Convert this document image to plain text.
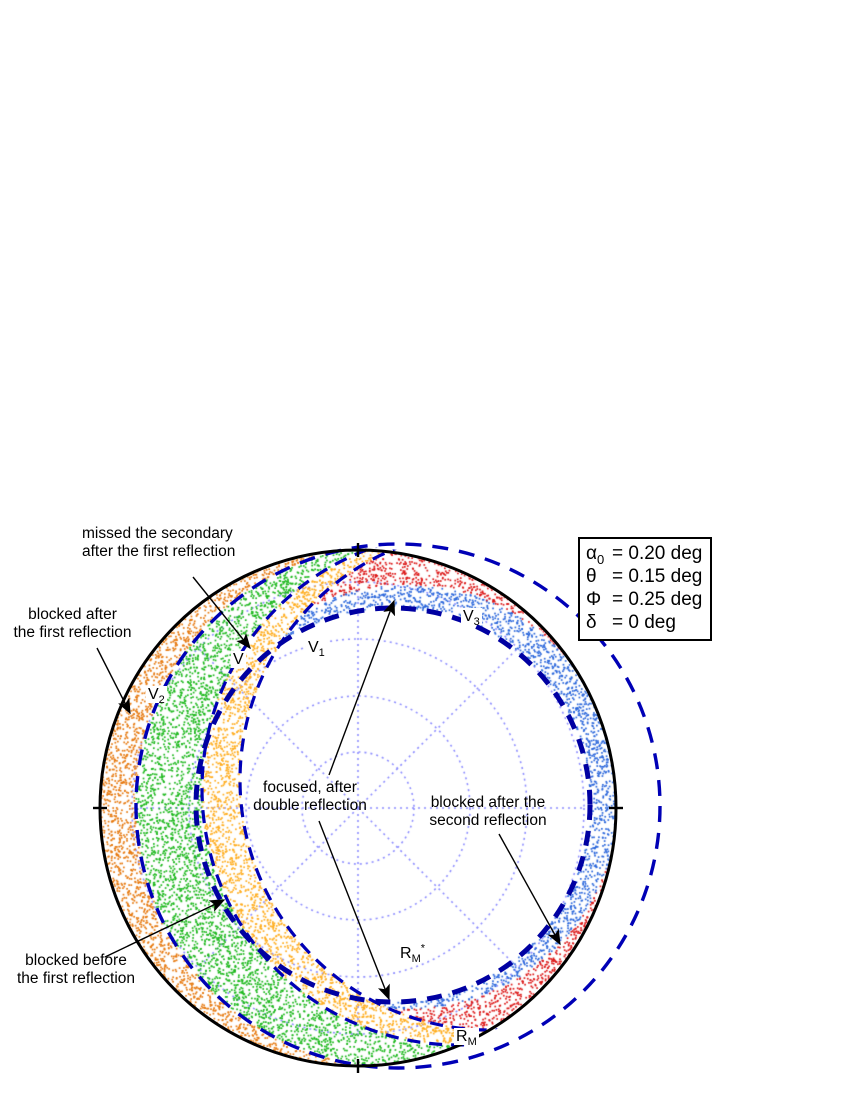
missed the secondary
after the first reflection
blocked after
the first reflection
blocked before
the first reflection
focused, after
double reflection	blocked after the
second reflection
V
$V_1$
$V_2$
$V_3$
$R_M^*$
$R_M$
$\alpha_0 = 0.20$ deg
θ = 0.15 deg
Φ = 0.25 deg
δ = 0 deg
